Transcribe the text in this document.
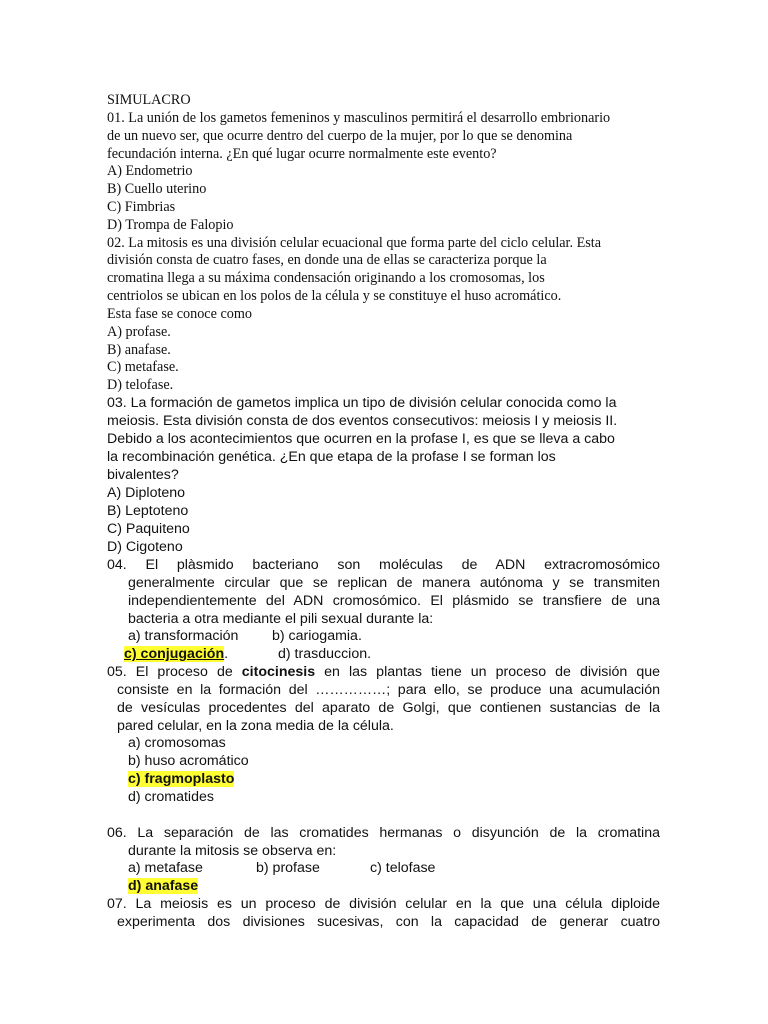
SIMULACRO
01. La unión de los gametos femeninos y masculinos permitirá el desarrollo embrionario
de un nuevo ser, que ocurre dentro del cuerpo de la mujer, por lo que se denomina
fecundación interna. ¿En qué lugar ocurre normalmente este evento?
A) Endometrio
B) Cuello uterino
C) Fimbrias
D) Trompa de Falopio
02. La mitosis es una división celular ecuacional que forma parte del ciclo celular. Esta
división consta de cuatro fases, en donde una de ellas se caracteriza porque la
cromatina llega a su máxima condensación originando a los cromosomas, los
centriolos se ubican en los polos de la célula y se constituye el huso acromático.
Esta fase se conoce como
A) profase.
B) anafase.
C) metafase.
D) telofase.
03. La formación de gametos implica un tipo de división celular conocida como la
meiosis. Esta división consta de dos eventos consecutivos: meiosis I y meiosis II.
Debido a los acontecimientos que ocurren en la profase I, es que se lleva a cabo
la recombinación genética. ¿En que etapa de la profase I se forman los
bivalentes?
A) Diploteno
B) Leptoteno
C) Paquiteno
D) Cigoteno
04. El plàsmido bacteriano son moléculas de ADN extracromosómico
generalmente circular que se replican de manera autónoma y se transmiten
independientemente del ADN cromosómico. El plásmido se transfiere de una
bacteria a otra mediante el pili sexual durante la:
a) transformación b) cariogamia.
c) conjugación.	d) trasduccion.
05. El proceso de citocinesis en las plantas tiene un proceso de división que
consiste en la formación del ……………; para ello, se produce una acumulación
de vesículas procedentes del aparato de Golgi, que contienen sustancias de la
pared celular, en la zona media de la célula.
a) cromosomas
b) huso acromático
c) fragmoplasto
d) cromatides
06. La separación de las cromatides hermanas o disyunción de la cromatina
durante la mitosis se observa en:
a) metafase	b) profase	c) telofase
d) anafase
07. La meiosis es un proceso de división celular en la que una célula diploide
experimenta dos divisiones sucesivas, con la capacidad de generar cuatro
